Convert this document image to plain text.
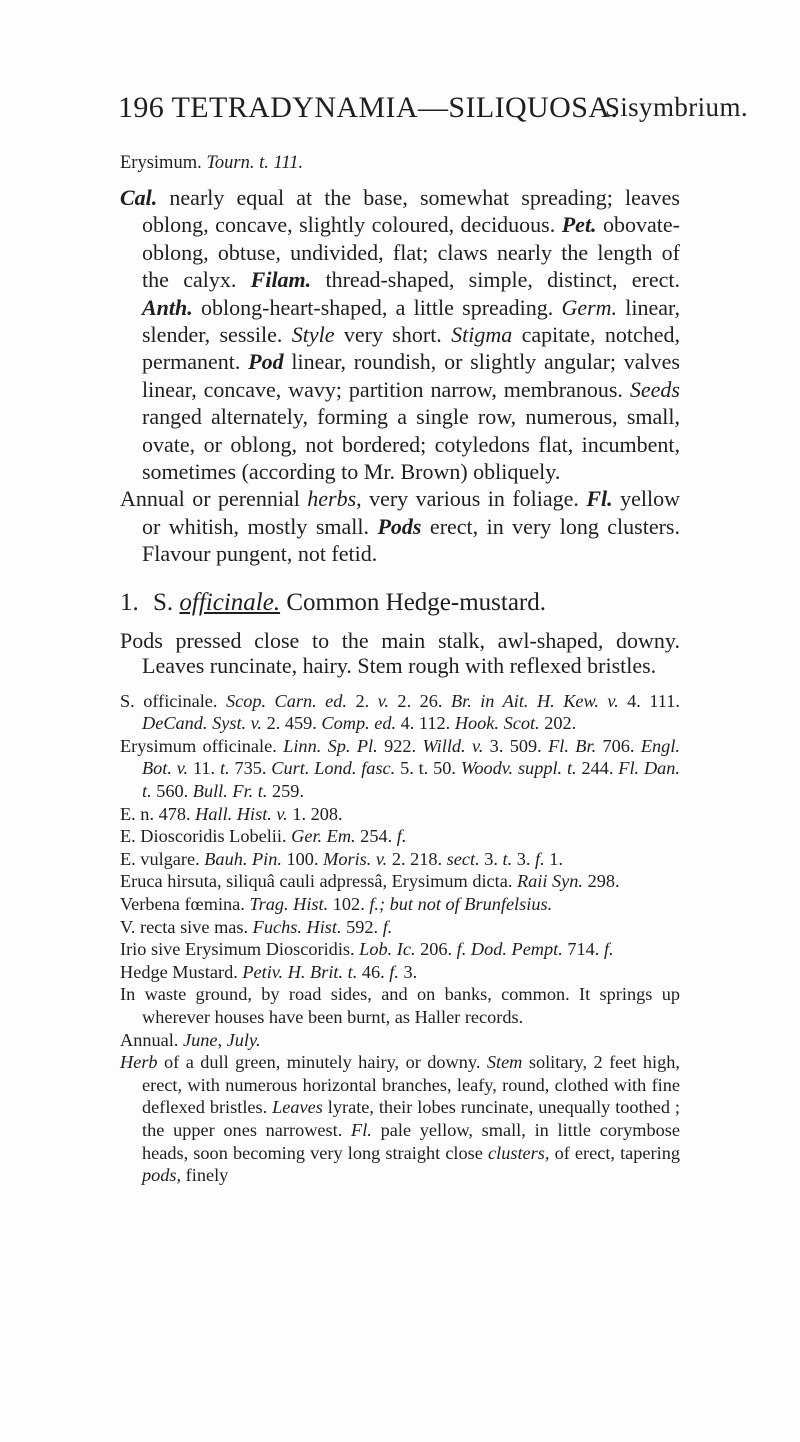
196 TETRADYNAMIA—SILIQUOSA.
Sisymbrium.
Erysimum. Tourn. t. 111.

Cal. nearly equal at the base, somewhat spreading; leaves oblong, concave, slightly coloured, deciduous. Pet. obovate-oblong, obtuse, undivided, flat; claws nearly the length of the calyx. Filam. thread-shaped, simple, distinct, erect. Anth. oblong-heart-shaped, a little spreading. Germ. linear, slender, sessile. Style very short. Stigma capitate, notched, permanent. Pod linear, roundish, or slightly angular; valves linear, concave, wavy; partition narrow, membranous. Seeds ranged alternately, forming a single row, numerous, small, ovate, or oblong, not bordered; cotyledons flat, incumbent, sometimes (according to Mr. Brown) obliquely.

Annual or perennial herbs, very various in foliage. Fl. yellow or whitish, mostly small. Pods erect, in very long clusters. Flavour pungent, not fetid.

1. S. officinale. Common Hedge-mustard.

Pods pressed close to the main stalk, awl-shaped, downy. Leaves runcinate, hairy. Stem rough with reflexed bristles.

S. officinale. Scop. Carn. ed. 2. v. 2. 26. Br. in Ait. H. Kew. v. 4. 111. DeCand. Syst. v. 2. 459. Comp. ed. 4. 112. Hook. Scot. 202.

Erysimum officinale. Linn. Sp. Pl. 922. Willd. v. 3. 509. Fl. Br. 706. Engl. Bot. v. 11. t. 735. Curt. Lond. fasc. 5. t. 50. Woodv. suppl. t. 244. Fl. Dan. t. 560. Bull. Fr. t. 259.

E. n. 478. Hall. Hist. v. 1. 208.

E. Dioscoridis Lobelii. Ger. Em. 254. f.

E. vulgare. Bauh. Pin. 100. Moris. v. 2. 218. sect. 3. t. 3. f. 1.

Eruca hirsuta, siliquâ cauli adpressâ, Erysimum dicta. Raii Syn. 298.

Verbena fœmina. Trag. Hist. 102. f.; but not of Brunfelsius.

V. recta sive mas. Fuchs. Hist. 592. f.

Irio sive Erysimum Dioscoridis. Lob. Ic. 206. f. Dod. Pempt. 714. f.

Hedge Mustard. Petiv. H. Brit. t. 46. f. 3.

In waste ground, by road sides, and on banks, common. It springs up wherever houses have been burnt, as Haller records.

Annual. June, July.

Herb of a dull green, minutely hairy, or downy. Stem solitary, 2 feet high, erect, with numerous horizontal branches, leafy, round, clothed with fine deflexed bristles. Leaves lyrate, their lobes runcinate, unequally toothed ; the upper ones narrowest. Fl. pale yellow, small, in little corymbose heads, soon becoming very long straight close clusters, of erect, tapering pods, finely
